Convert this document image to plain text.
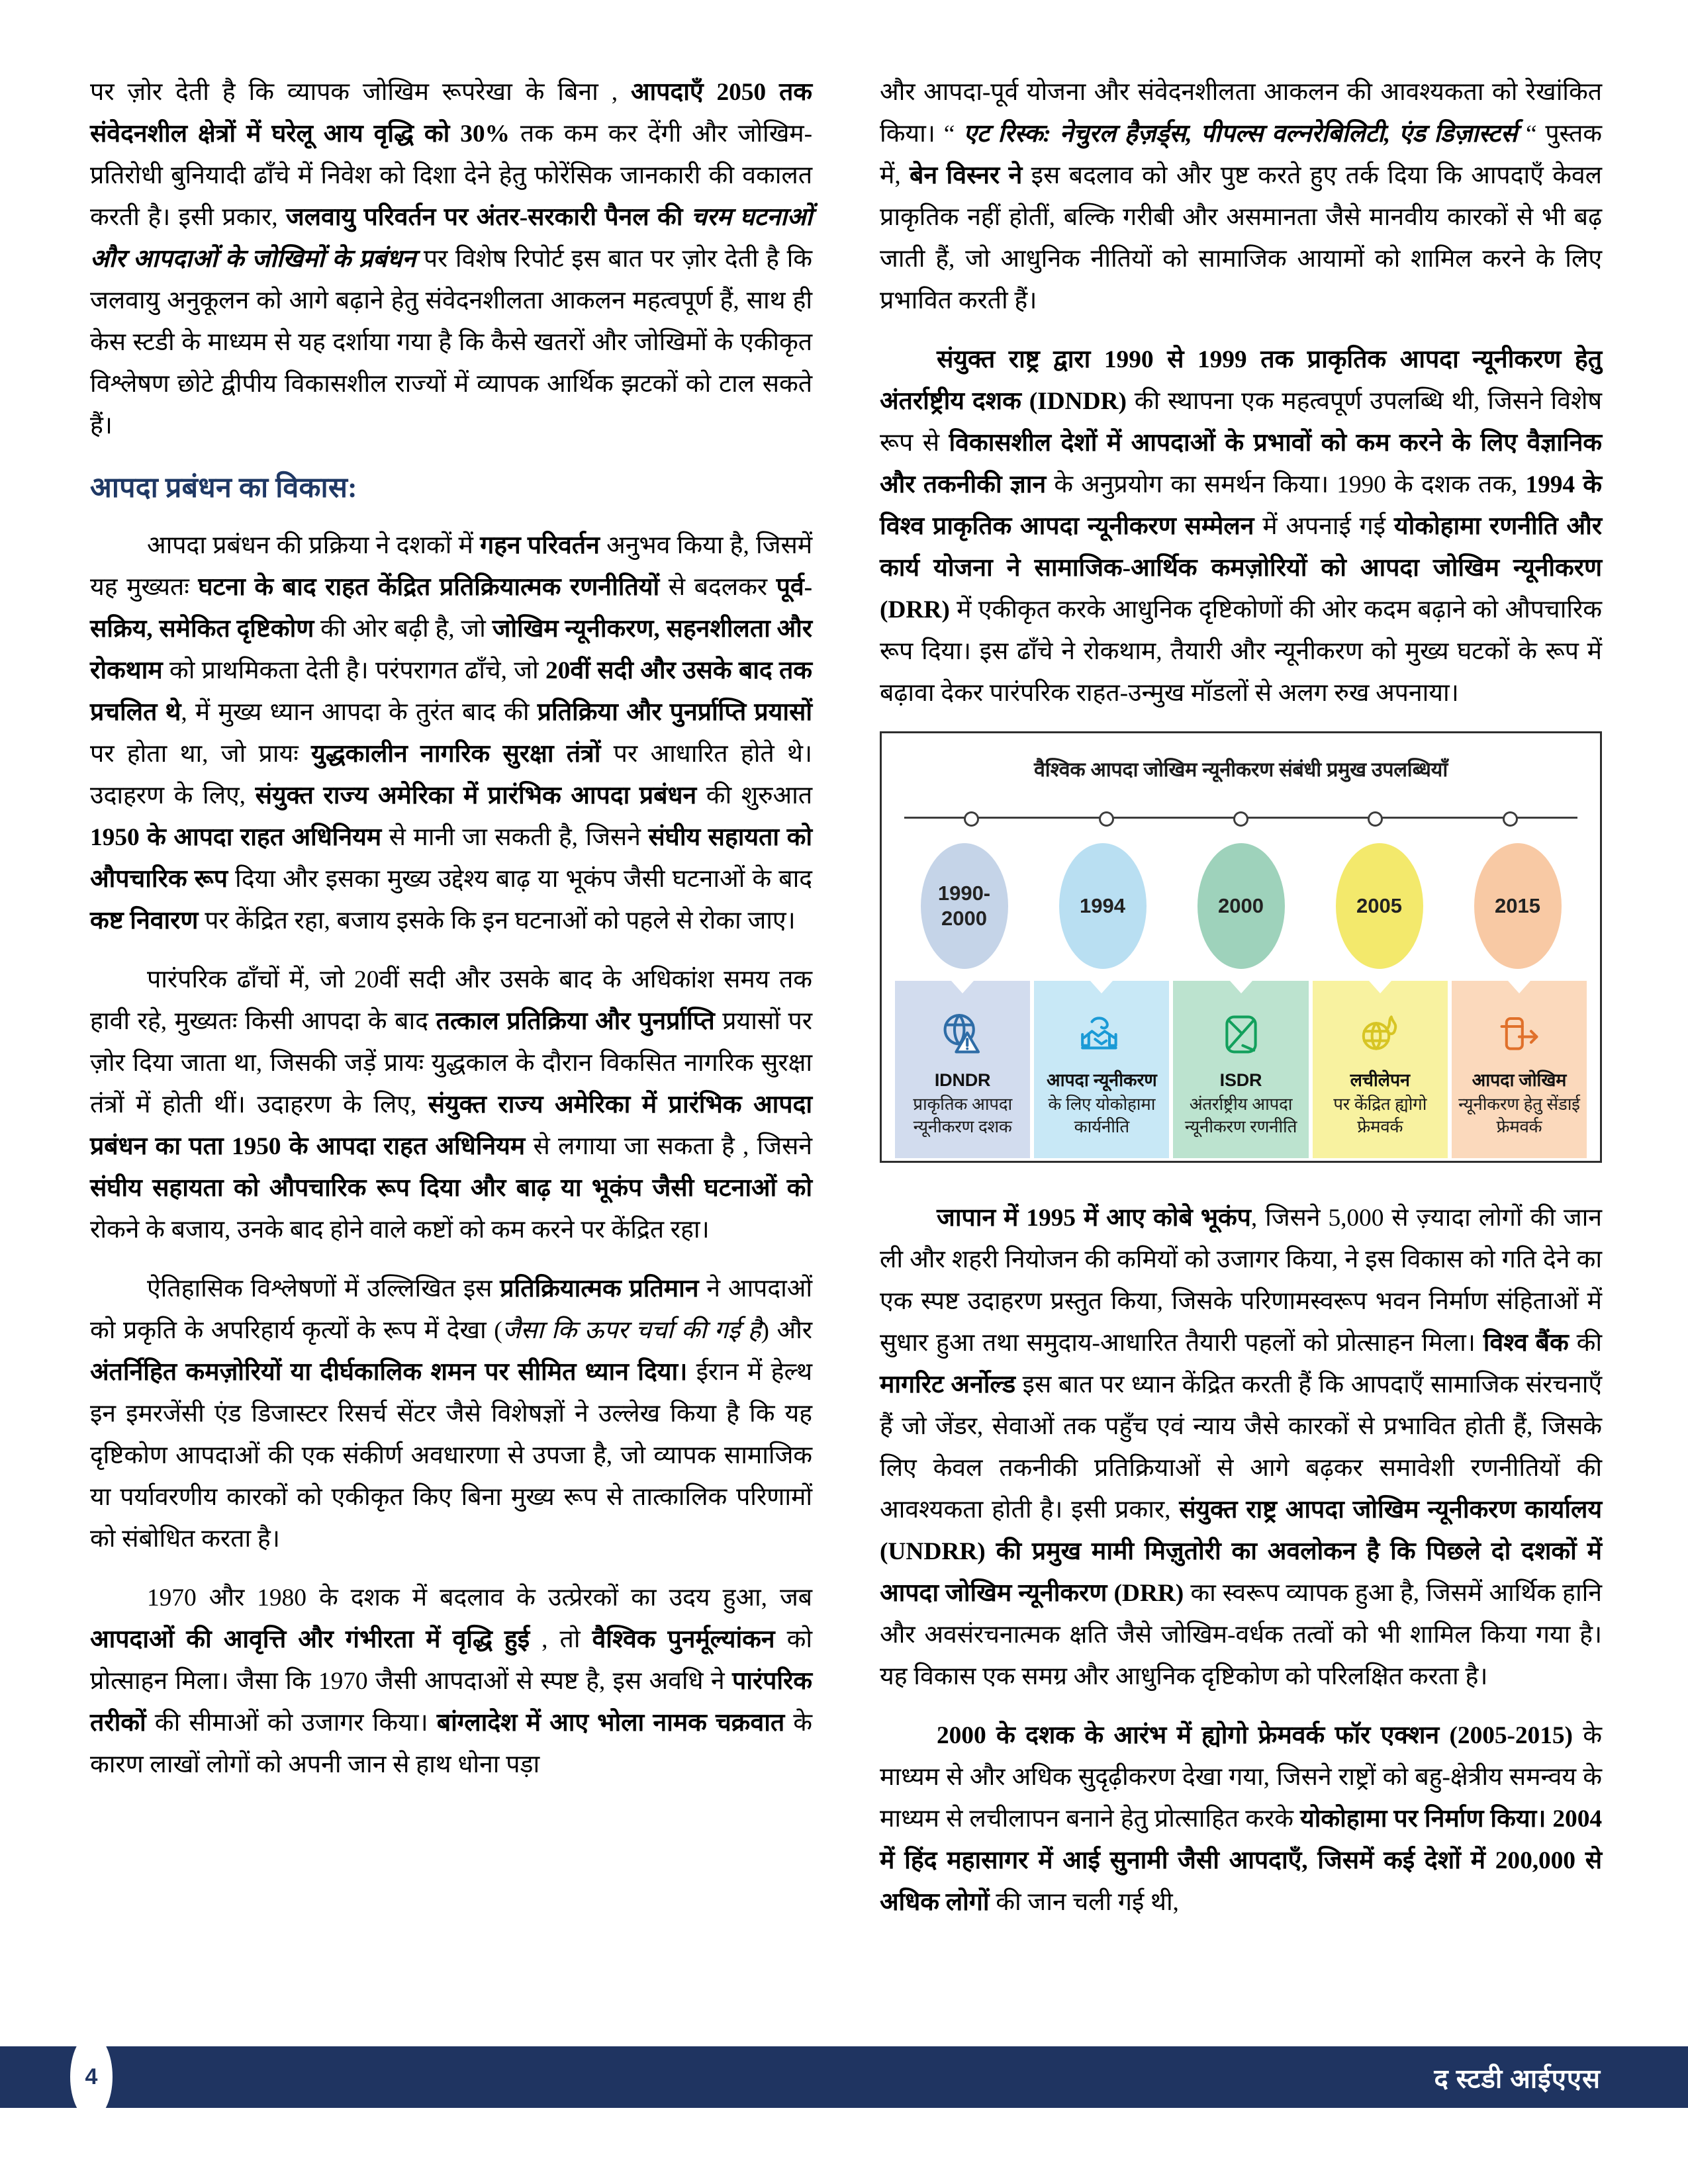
पर ज़ोर देती है कि व्यापक जोखिम रूपरेखा के बिना , आपदाएँ 2050 तक संवेदनशील क्षेत्रों में घरेलू आय वृद्धि को 30% तक कम कर देंगी और जोखिम-प्रतिरोधी बुनियादी ढाँचे में निवेश को दिशा देने हेतु फोरेंसिक जानकारी की वकालत करती है। इसी प्रकार, जलवायु परिवर्तन पर अंतर-सरकारी पैनल की चरम घटनाओं और आपदाओं के जोखिमों के प्रबंधन पर विशेष रिपोर्ट इस बात पर ज़ोर देती है कि जलवायु अनुकूलन को आगे बढ़ाने हेतु संवेदनशीलता आकलन महत्वपूर्ण हैं, साथ ही केस स्टडी के माध्यम से यह दर्शाया गया है कि कैसे खतरों और जोखिमों के एकीकृत विश्लेषण छोटे द्वीपीय विकासशील राज्यों में व्यापक आर्थिक झटकों को टाल सकते हैं।

आपदा प्रबंधन का विकास:

आपदा प्रबंधन की प्रक्रिया ने दशकों में गहन परिवर्तन अनुभव किया है, जिसमें यह मुख्यतः घटना के बाद राहत केंद्रित प्रतिक्रियात्मक रणनीतियों से बदलकर पूर्व-सक्रिय, समेकित दृष्टिकोण की ओर बढ़ी है, जो जोखिम न्यूनीकरण, सहनशीलता और रोकथाम को प्राथमिकता देती है। परंपरागत ढाँचे, जो 20वीं सदी और उसके बाद तक प्रचलित थे, में मुख्य ध्यान आपदा के तुरंत बाद की प्रतिक्रिया और पुनर्प्राप्ति प्रयासों पर होता था, जो प्रायः युद्धकालीन नागरिक सुरक्षा तंत्रों पर आधारित होते थे। उदाहरण के लिए, संयुक्त राज्य अमेरिका में प्रारंभिक आपदा प्रबंधन की शुरुआत 1950 के आपदा राहत अधिनियम से मानी जा सकती है, जिसने संघीय सहायता को औपचारिक रूप दिया और इसका मुख्य उद्देश्य बाढ़ या भूकंप जैसी घटनाओं के बाद कष्ट निवारण पर केंद्रित रहा, बजाय इसके कि इन घटनाओं को पहले से रोका जाए।

पारंपरिक ढाँचों में, जो 20वीं सदी और उसके बाद के अधिकांश समय तक हावी रहे, मुख्यतः किसी आपदा के बाद तत्काल प्रतिक्रिया और पुनर्प्राप्ति प्रयासों पर ज़ोर दिया जाता था, जिसकी जड़ें प्रायः युद्धकाल के दौरान विकसित नागरिक सुरक्षा तंत्रों में होती थीं। उदाहरण के लिए, संयुक्त राज्य अमेरिका में प्रारंभिक आपदा प्रबंधन का पता 1950 के आपदा राहत अधिनियम से लगाया जा सकता है , जिसने संघीय सहायता को औपचारिक रूप दिया और बाढ़ या भूकंप जैसी घटनाओं को रोकने के बजाय, उनके बाद होने वाले कष्टों को कम करने पर केंद्रित रहा।

ऐतिहासिक विश्लेषणों में उल्लिखित इस प्रतिक्रियात्मक प्रतिमान ने आपदाओं को प्रकृति के अपरिहार्य कृत्यों के रूप में देखा (जैसा कि ऊपर चर्चा की गई है) और अंतर्निहित कमज़ोरियों या दीर्घकालिक शमन पर सीमित ध्यान दिया। ईरान में हेल्थ इन इमरजेंसी एंड डिजास्टर रिसर्च सेंटर जैसे विशेषज्ञों ने उल्लेख किया है कि यह दृष्टिकोण आपदाओं की एक संकीर्ण अवधारणा से उपजा है, जो व्यापक सामाजिक या पर्यावरणीय कारकों को एकीकृत किए बिना मुख्य रूप से तात्कालिक परिणामों को संबोधित करता है।

1970 और 1980 के दशक में बदलाव के उत्प्रेरकों का उदय हुआ, जब आपदाओं की आवृत्ति और गंभीरता में वृद्धि हुई , तो वैश्विक पुनर्मूल्यांकन को प्रोत्साहन मिला। जैसा कि 1970 जैसी आपदाओं से स्पष्ट है, इस अवधि ने पारंपरिक तरीकों की सीमाओं को उजागर किया। बांग्लादेश में आए भोला नामक चक्रवात के कारण लाखों लोगों को अपनी जान से हाथ धोना पड़ा

और आपदा-पूर्व योजना और संवेदनशीलता आकलन की आवश्यकता को रेखांकित किया। “ एट रिस्क: नेचुरल हैज़र्ड्स, पीपल्स वल्नरेबिलिटी, एंड डिज़ास्टर्स “ पुस्तक में, बेन विस्नर ने इस बदलाव को और पुष्ट करते हुए तर्क दिया कि आपदाएँ केवल प्राकृतिक नहीं होतीं, बल्कि गरीबी और असमानता जैसे मानवीय कारकों से भी बढ़ जाती हैं, जो आधुनिक नीतियों को सामाजिक आयामों को शामिल करने के लिए प्रभावित करती हैं।

संयुक्त राष्ट्र द्वारा 1990 से 1999 तक प्राकृतिक आपदा न्यूनीकरण हेतु अंतर्राष्ट्रीय दशक (IDNDR) की स्थापना एक महत्वपूर्ण उपलब्धि थी, जिसने विशेष रूप से विकासशील देशों में आपदाओं के प्रभावों को कम करने के लिए वैज्ञानिक और तकनीकी ज्ञान के अनुप्रयोग का समर्थन किया। 1990 के दशक तक, 1994 के विश्व प्राकृतिक आपदा न्यूनीकरण सम्मेलन में अपनाई गई योकोहामा रणनीति और कार्य योजना ने सामाजिक-आर्थिक कमज़ोरियों को आपदा जोखिम न्यूनीकरण (DRR) में एकीकृत करके आधुनिक दृष्टिकोणों की ओर कदम बढ़ाने को औपचारिक रूप दिया। इस ढाँचे ने रोकथाम, तैयारी और न्यूनीकरण को मुख्य घटकों के रूप में बढ़ावा देकर पारंपरिक राहत-उन्मुख मॉडलों से अलग रुख अपनाया।

वैश्विक आपदा जोखिम न्यूनीकरण संबंधी प्रमुख उपलब्धियाँ
1990-
2000
1994	2000	2005	2015
IDNDR
प्राकृतिक आपदा न्यूनीकरण दशक
आपदा न्यूनीकरण
के लिए योकोहामा कार्यनीति
ISDR
अंतर्राष्ट्रीय आपदा न्यूनीकरण रणनीति
लचीलेपन
पर केंद्रित ह्योगो फ्रेमवर्क
आपदा जोखिम
न्यूनीकरण हेतु सेंडाई फ्रेमवर्क

जापान में 1995 में आए कोबे भूकंप, जिसने 5,000 से ज़्यादा लोगों की जान ली और शहरी नियोजन की कमियों को उजागर किया, ने इस विकास को गति देने का एक स्पष्ट उदाहरण प्रस्तुत किया, जिसके परिणामस्वरूप भवन निर्माण संहिताओं में सुधार हुआ तथा समुदाय-आधारित तैयारी पहलों को प्रोत्साहन मिला। विश्व बैंक की मागरिट अर्नोल्ड इस बात पर ध्यान केंद्रित करती हैं कि आपदाएँ सामाजिक संरचनाएँ हैं जो जेंडर, सेवाओं तक पहुँच एवं न्याय जैसे कारकों से प्रभावित होती हैं, जिसके लिए केवल तकनीकी प्रतिक्रियाओं से आगे बढ़कर समावेशी रणनीतियों की आवश्यकता होती है। इसी प्रकार, संयुक्त राष्ट्र आपदा जोखिम न्यूनीकरण कार्यालय (UNDRR) की प्रमुख मामी मिज़ुतोरी का अवलोकन है कि पिछले दो दशकों में आपदा जोखिम न्यूनीकरण (DRR) का स्वरूप व्यापक हुआ है, जिसमें आर्थिक हानि और अवसंरचनात्मक क्षति जैसे जोखिम-वर्धक तत्वों को भी शामिल किया गया है। यह विकास एक समग्र और आधुनिक दृष्टिकोण को परिलक्षित करता है।

2000 के दशक के आरंभ में ह्योगो फ्रेमवर्क फॉर एक्शन (2005-2015) के माध्यम से और अधिक सुदृढ़ीकरण देखा गया, जिसने राष्ट्रों को बहु-क्षेत्रीय समन्वय के माध्यम से लचीलापन बनाने हेतु प्रोत्साहित करके योकोहामा पर निर्माण किया। 2004 में हिंद महासागर में आई सुनामी जैसी आपदाएँ, जिसमें कई देशों में 200,000 से अधिक लोगों की जान चली गई थी,

4	द स्टडी आईएएस
